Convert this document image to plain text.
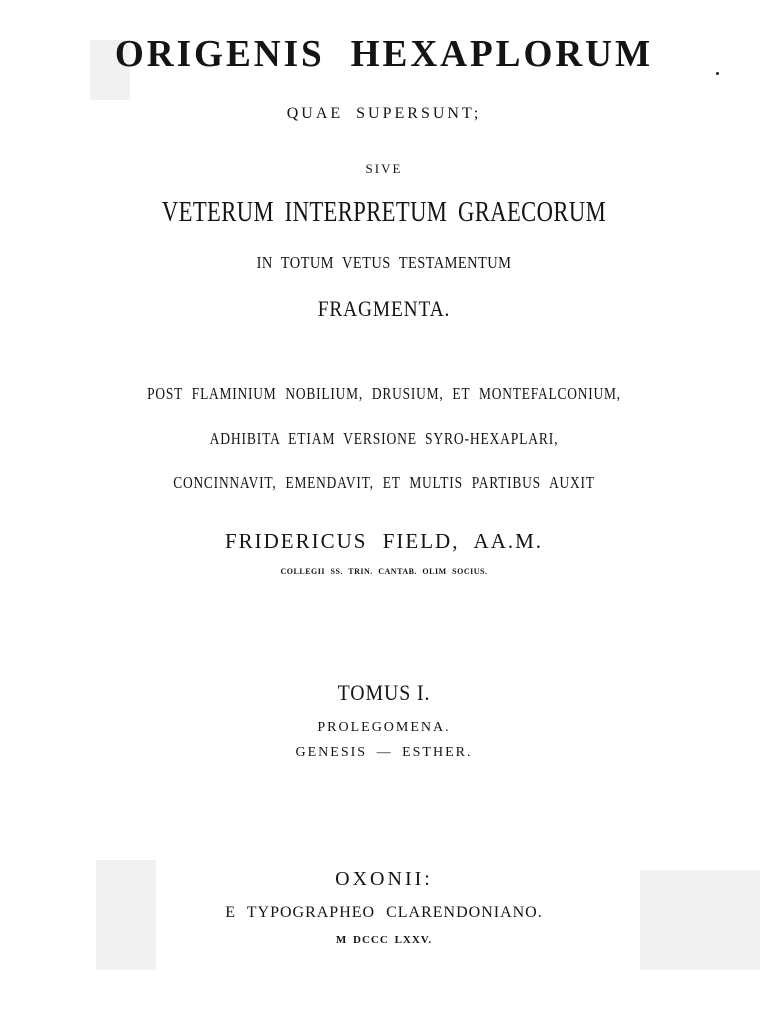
ORIGENIS HEXAPLORUM

QUAE SUPERSUNT;

SIVE

VETERUM INTERPRETUM GRAECORUM

IN TOTUM VETUS TESTAMENTUM

FRAGMENTA.

POST FLAMINIUM NOBILIUM, DRUSIUM, ET MONTEFALCONIUM,

ADHIBITA ETIAM VERSIONE SYRO-HEXAPLARI,

CONCINNAVIT, EMENDAVIT, ET MULTIS PARTIBUS AUXIT

FRIDERICUS FIELD, AA.M.

COLLEGII SS. TRIN. CANTAB. OLIM SOCIUS.

TOMUS I.

PROLEGOMENA.

GENESIS — ESTHER.

OXONII:

E TYPOGRAPHEO CLARENDONIANO.

M DCCC LXXV.
